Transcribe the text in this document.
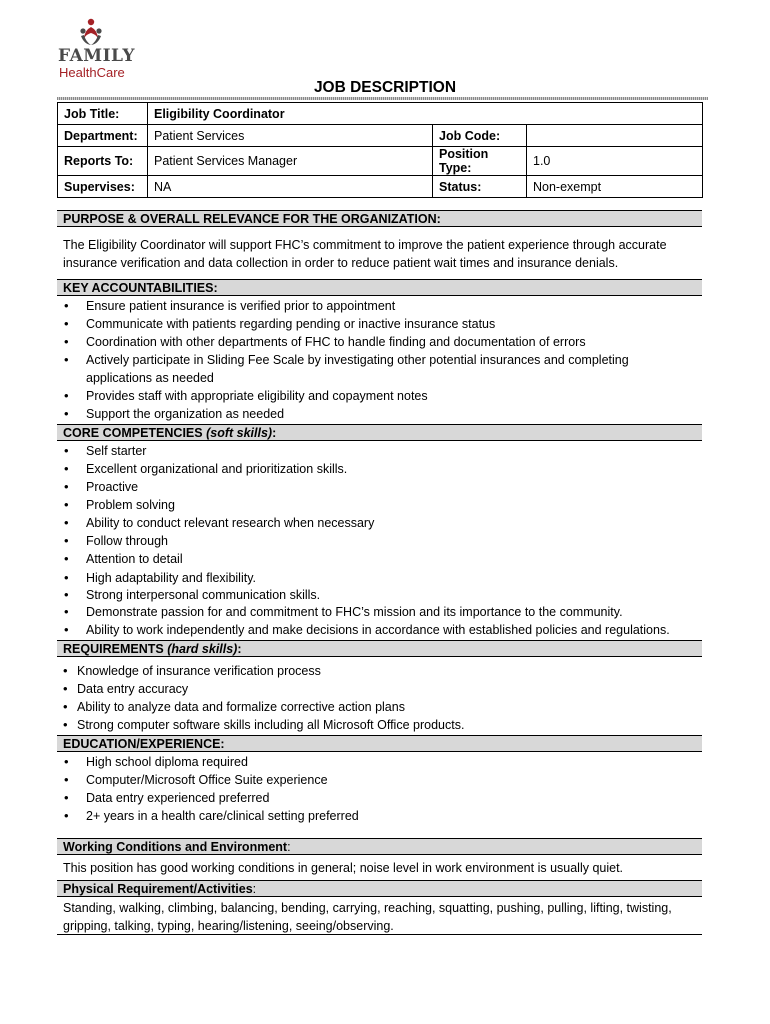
FAMILY
HealthCare
JOB DESCRIPTION
Job Title:	Eligibility Coordinator		
Department:	Patient Services	Job Code:	
Reports To:	Patient Services Manager	Position Type:	1.0
Supervises:	NA	Status:	Non-exempt
PURPOSE & OVERALL RELEVANCE FOR THE ORGANIZATION:
The Eligibility Coordinator will support FHC’s commitment to improve the patient experience through accurate insurance verification and data collection in order to reduce patient wait times and insurance denials.
KEY ACCOUNTABILITIES:
• Ensure patient insurance is verified prior to appointment
• Communicate with patients regarding pending or inactive insurance status
• Coordination with other departments of FHC to handle finding and documentation of errors
• Actively participate in Sliding Fee Scale by investigating other potential insurances and completing applications as needed
• Provides staff with appropriate eligibility and copayment notes
• Support the organization as needed
CORE COMPETENCIES (soft skills):
• Self starter
• Excellent organizational and prioritization skills.
• Proactive
• Problem solving
• Ability to conduct relevant research when necessary
• Follow through
• Attention to detail
• High adaptability and flexibility.
• Strong interpersonal communication skills.
• Demonstrate passion for and commitment to FHC’s mission and its importance to the community.
• Ability to work independently and make decisions in accordance with established policies and regulations.
REQUIREMENTS (hard skills):
• Knowledge of insurance verification process
• Data entry accuracy
• Ability to analyze data and formalize corrective action plans
• Strong computer software skills including all Microsoft Office products.
EDUCATION/EXPERIENCE:
• High school diploma required
• Computer/Microsoft Office Suite experience
• Data entry experienced preferred
• 2+ years in a health care/clinical setting preferred
Working Conditions and Environment:
This position has good working conditions in general; noise level in work environment is usually quiet.
Physical Requirement/Activities:
Standing, walking, climbing, balancing, bending, carrying, reaching, squatting, pushing, pulling, lifting, twisting, gripping, talking, typing, hearing/listening, seeing/observing.
